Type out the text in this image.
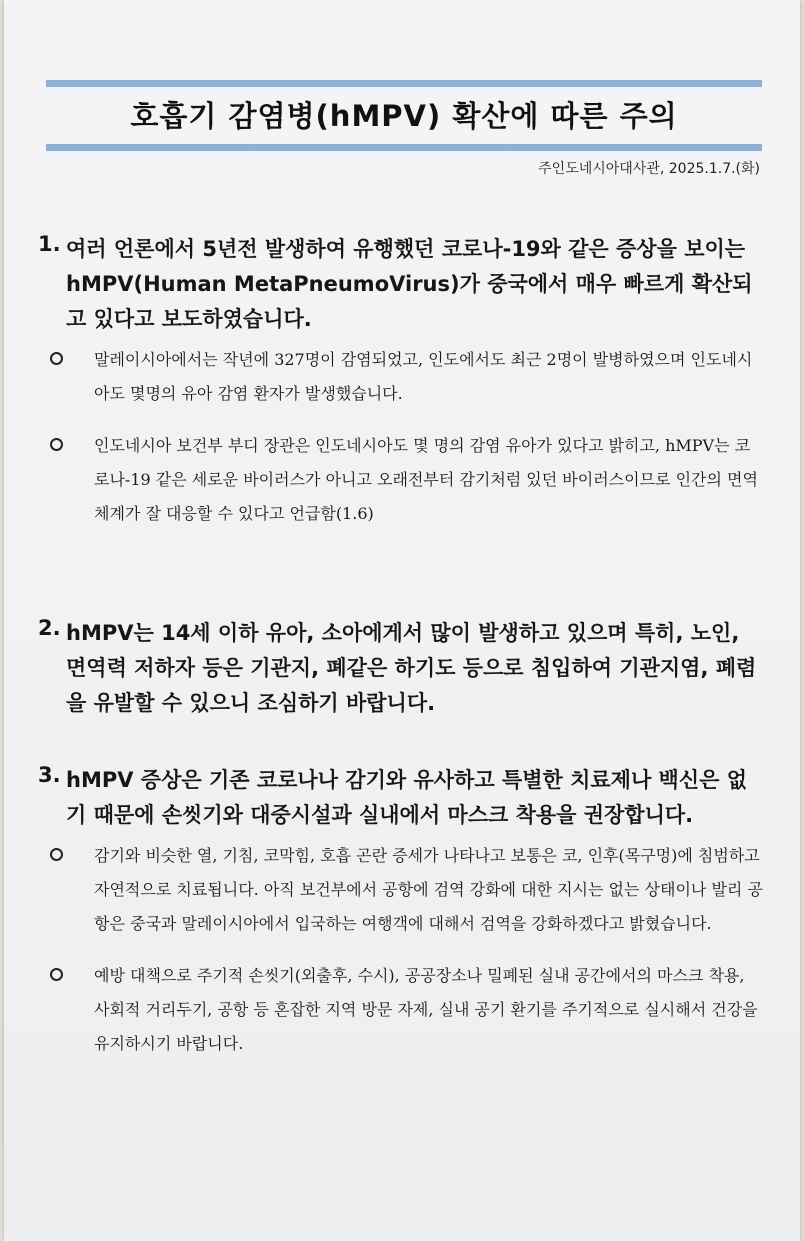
호흡기 감염병(hMPV) 확산에 따른 주의
주인도네시아대사관, 2025.1.7.(화)
1. 여러 언론에서 5년전 발생하여 유행했던 코로나-19와 같은 증상을 보이는 hMPV(Human MetaPneumoVirus)가 중국에서 매우 빠르게 확산되고 있다고 보도하였습니다.
말레이시아에서는 작년에 327명이 감염되었고, 인도에서도 최근 2명이 발병하였으며 인도네시아도 몇명의 유아 감염 환자가 발생했습니다.
인도네시아 보건부 부디 장관은 인도네시아도 몇 명의 감염 유아가 있다고 밝히고, hMPV는 코로나-19 같은 세로운 바이러스가 아니고 오래전부터 감기처럼 있던 바이러스이므로 인간의 면역체계가 잘 대응할 수 있다고 언급함(1.6)
2. hMPV는 14세 이하 유아, 소아에게서 많이 발생하고 있으며 특히, 노인, 면역력 저하자 등은 기관지, 폐같은 하기도 등으로 침입하여 기관지염, 폐렴을 유발할 수 있으니 조심하기 바랍니다.
3. hMPV 증상은 기존 코로나나 감기와 유사하고 특별한 치료제나 백신은 없기 때문에 손씻기와 대중시설과 실내에서 마스크 착용을 권장합니다.
감기와 비슷한 열, 기침, 코막힘, 호흡 곤란 증세가 나타나고 보통은 코, 인후(목구멍)에 침범하고 자연적으로 치료됩니다. 아직 보건부에서 공항에 검역 강화에 대한 지시는 없는 상태이나 발리 공항은 중국과 말레이시아에서 입국하는 여행객에 대해서 검역을 강화하겠다고 밝혔습니다.
예방 대책으로 주기적 손씻기(외출후, 수시), 공공장소나 밀폐된 실내 공간에서의 마스크 착용, 사회적 거리두기, 공항 등 혼잡한 지역 방문 자제, 실내 공기 환기를 주기적으로 실시해서 건강을 유지하시기 바랍니다.
